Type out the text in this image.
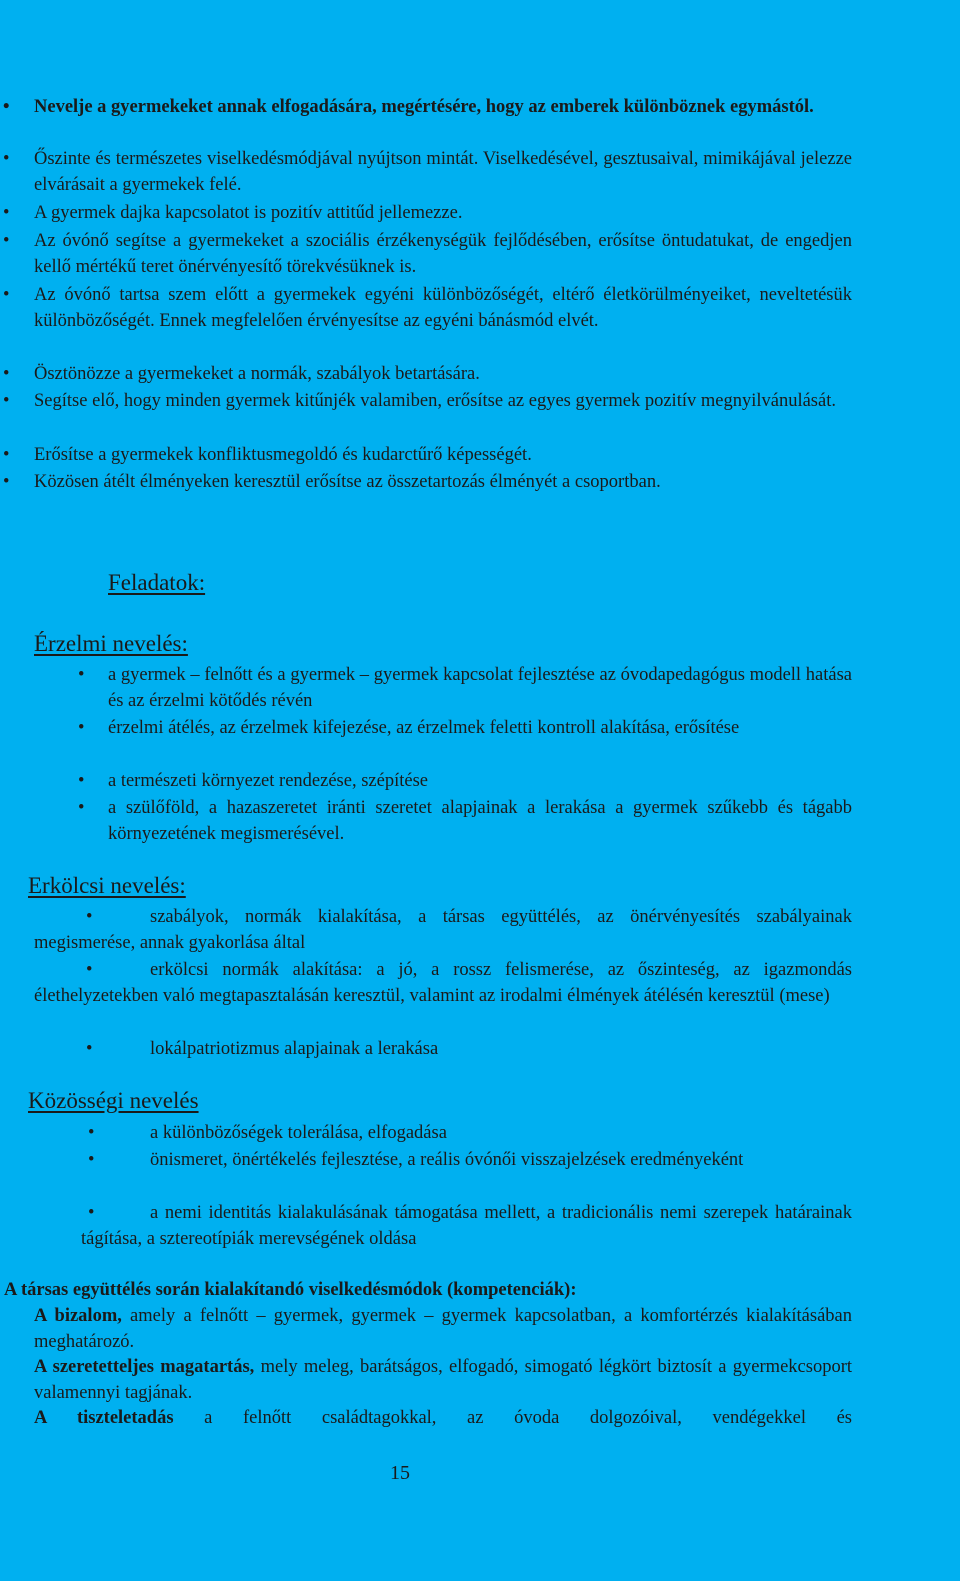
• Nevelje a gyermekeket annak elfogadására, megértésére, hogy az emberek különböznek egymástól.
• Őszinte és természetes viselkedésmódjával nyújtson mintát. Viselkedésével, gesztusaival, mimikájával jelezze elvárásait a gyermekek felé.
• A gyermek dajka kapcsolatot is pozitív attitűd jellemezze.
• Az óvónő segítse a gyermekeket a szociális érzékenységük fejlődésében, erősítse öntudatukat, de engedjen kellő mértékű teret önérvényesítő törekvésüknek is.
• Az óvónő tartsa szem előtt a gyermekek egyéni különbözőségét, eltérő életkörülményeiket, neveltetésük különbözőségét. Ennek megfelelően érvényesítse az egyéni bánásmód elvét.
• Ösztönözze a gyermekeket a normák, szabályok betartására.
• Segítse elő, hogy minden gyermek kitűnjék valamiben, erősítse az egyes gyermek pozitív megnyilvánulását.
• Erősítse a gyermekek konfliktusmegoldó és kudarctűrő képességét.
• Közösen átélt élményeken keresztül erősítse az összetartozás élményét a csoportban.
Feladatok:
Érzelmi nevelés:
• a gyermek – felnőtt és a gyermek – gyermek kapcsolat fejlesztése az óvodapedagógus modell hatása és az érzelmi kötődés révén
• érzelmi átélés, az érzelmek kifejezése, az érzelmek feletti kontroll alakítása, erősítése
• a természeti környezet rendezése, szépítése
• a szülőföld, a hazaszeretet iránti szeretet alapjainak a lerakása a gyermek szűkebb és tágabb környezetének megismerésével.
Erkölcsi nevelés:
•	szabályok, normák kialakítása, a társas együttélés, az önérvényesítés szabályainak megismerése, annak gyakorlása által
•	erkölcsi normák alakítása: a jó, a rossz felismerése, az őszinteség, az igazmondás élethelyzetekben való megtapasztalásán keresztül, valamint az irodalmi élmények átélésén keresztül (mese)
•	lokálpatriotizmus alapjainak a lerakása
Közösségi nevelés
•	a különbözőségek tolerálása, elfogadása
•	önismeret, önértékelés fejlesztése, a reális óvónői visszajelzések eredményeként
•	a nemi identitás kialakulásának támogatása mellett, a tradicionális nemi szerepek határainak tágítása, a sztereotípiák merevségének oldása
A társas együttélés során kialakítandó viselkedésmódok (kompetenciák):
A bizalom, amely a felnőtt – gyermek, gyermek – gyermek kapcsolatban, a komfortérzés kialakításában meghatározó.
A szeretetteljes magatartás, mely meleg, barátságos, elfogadó, simogató légkört biztosít a gyermekcsoport valamennyi tagjának.
A tiszteletadás a felnőtt családtagokkal, az óvoda dolgozóival, vendégekkel és
15
